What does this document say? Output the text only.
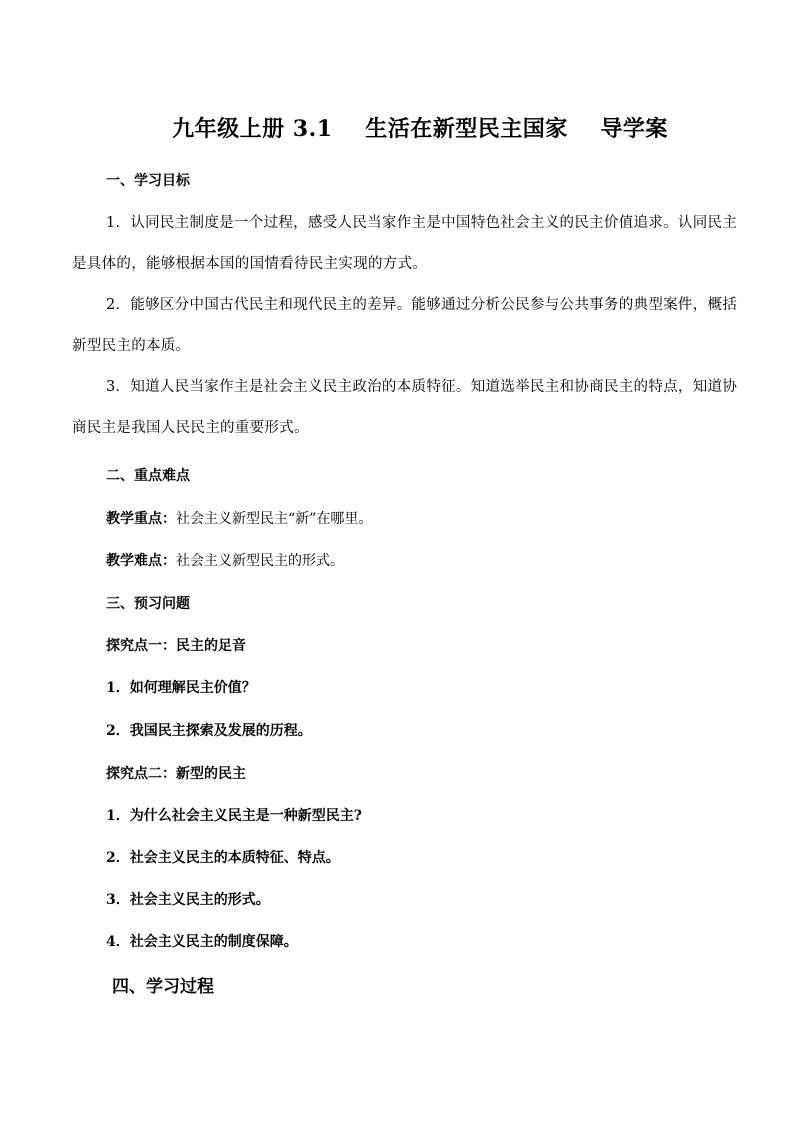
九年级上册 3.1    生活在新型民主国家    导学案
一、学习目标
1．认同民主制度是一个过程，感受人民当家作主是中国特色社会主义的民主价值追求。认同民主是具体的，能够根据本国的国情看待民主实现的方式。
2．能够区分中国古代民主和现代民主的差异。能够通过分析公民参与公共事务的典型案件，概括新型民主的本质。
3．知道人民当家作主是社会主义民主政治的本质特征。知道选举民主和协商民主的特点，知道协商民主是我国人民民主的重要形式。
二、重点难点
教学重点：社会主义新型民主“新”在哪里。
教学难点：社会主义新型民主的形式。
三、预习问题
探究点一：民主的足音
1．如何理解民主价值？
2．我国民主探索及发展的历程。
探究点二：新型的民主
1．为什么社会主义民主是一种新型民主?
2．社会主义民主的本质特征、特点。
3．社会主义民主的形式。
4．社会主义民主的制度保障。
四、学习过程
